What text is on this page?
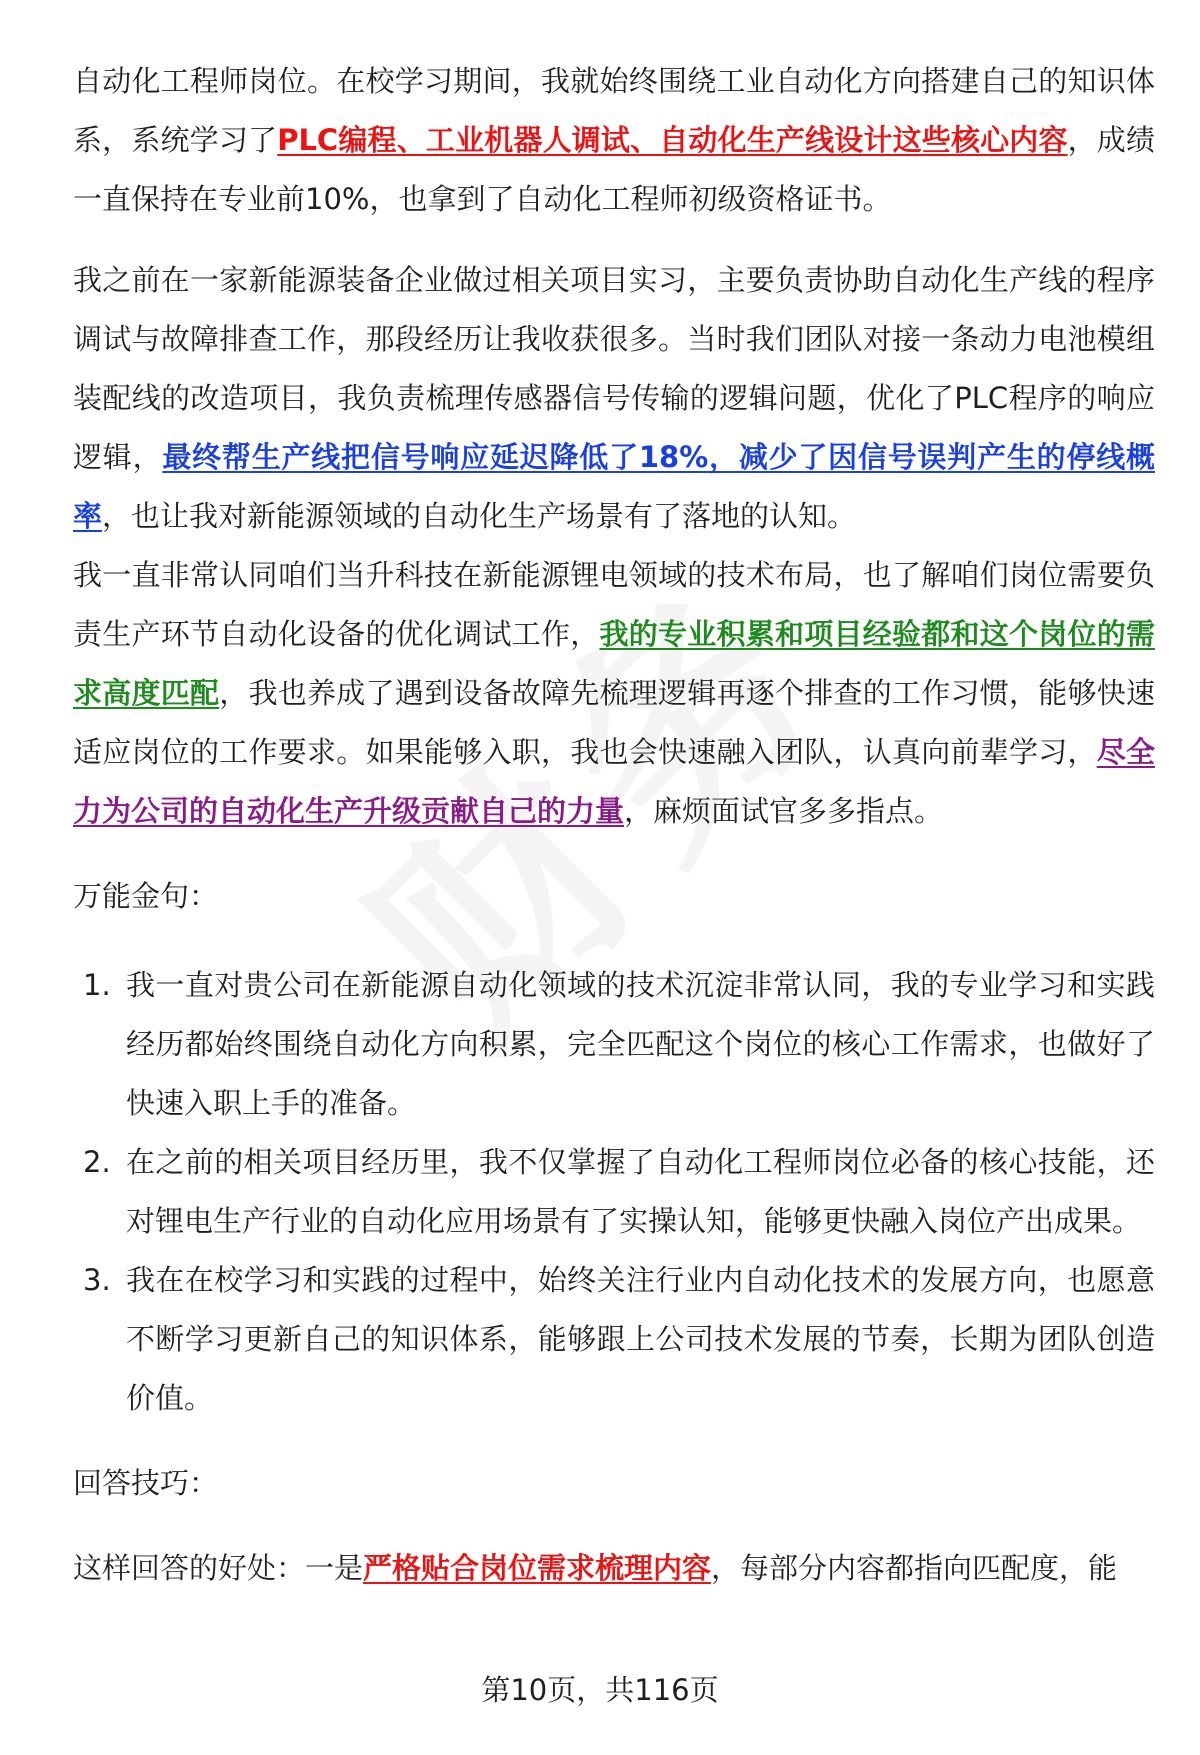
自动化工程师岗位。在校学习期间，我就始终围绕工业自动化方向搭建自己的知识体系，系统学习了PLC编程、工业机器人调试、自动化生产线设计这些核心内容，成绩一直保持在专业前10%，也拿到了自动化工程师初级资格证书。

我之前在一家新能源装备企业做过相关项目实习，主要负责协助自动化生产线的程序调试与故障排查工作，那段经历让我收获很多。当时我们团队对接一条动力电池模组装配线的改造项目，我负责梳理传感器信号传输的逻辑问题，优化了PLC程序的响应逻辑，最终帮生产线把信号响应延迟降低了18%，减少了因信号误判产生的停线概率，也让我对新能源领域的自动化生产场景有了落地的认知。

我一直非常认同咱们当升科技在新能源锂电领域的技术布局，也了解咱们岗位需要负责生产环节自动化设备的优化调试工作，我的专业积累和项目经验都和这个岗位的需求高度匹配，我也养成了遇到设备故障先梳理逻辑再逐个排查的工作习惯，能够快速适应岗位的工作要求。如果能够入职，我也会快速融入团队，认真向前辈学习，尽全力为公司的自动化生产升级贡献自己的力量，麻烦面试官多多指点。

万能金句：

1. 我一直对贵公司在新能源自动化领域的技术沉淀非常认同，我的专业学习和实践经历都始终围绕自动化方向积累，完全匹配这个岗位的核心工作需求，也做好了快速入职上手的准备。
2. 在之前的相关项目经历里，我不仅掌握了自动化工程师岗位必备的核心技能，还对锂电生产行业的自动化应用场景有了实操认知，能够更快融入岗位产出成果。
3. 我在在校学习和实践的过程中，始终关注行业内自动化技术的发展方向，也愿意不断学习更新自己的知识体系，能够跟上公司技术发展的节奏，长期为团队创造价值。

回答技巧：

这样回答的好处：一是严格贴合岗位需求梳理内容，每部分内容都指向匹配度，能

第10页，共116页
